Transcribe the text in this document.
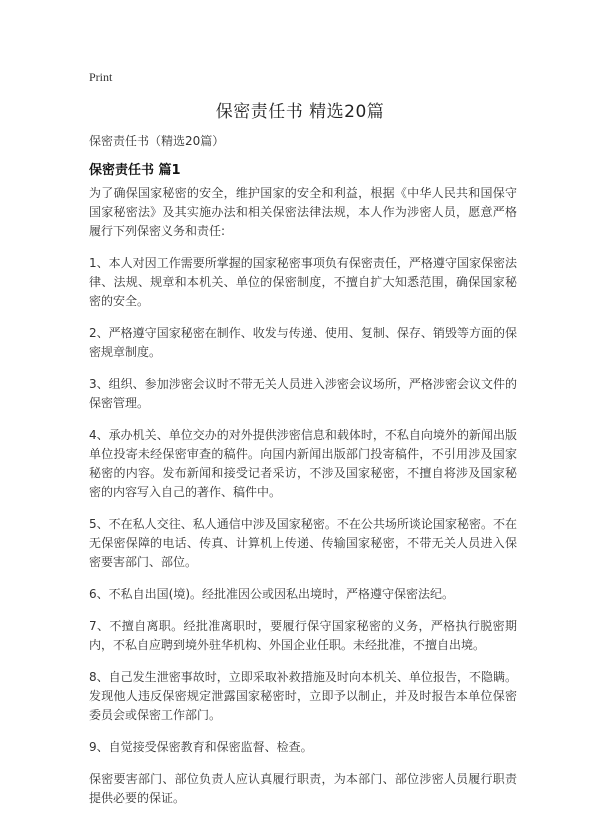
Print
保密责任书 精选20篇
保密责任书（精选20篇）
保密责任书 篇1

为了确保国家秘密的安全，维护国家的安全和利益，根据《中华人民共和国保守国家秘密法》及其实施办法和相关保密法律法规，本人作为涉密人员，愿意严格履行下列保密义务和责任:

1、本人对因工作需要所掌握的国家秘密事项负有保密责任，严格遵守国家保密法律、法规、规章和本机关、单位的保密制度，不擅自扩大知悉范围，确保国家秘密的安全。

2、严格遵守国家秘密在制作、收发与传递、使用、复制、保存、销毁等方面的保密规章制度。

3、组织、参加涉密会议时不带无关人员进入涉密会议场所，严格涉密会议文件的保密管理。

4、承办机关、单位交办的对外提供涉密信息和载体时，不私自向境外的新闻出版单位投寄未经保密审查的稿件。向国内新闻出版部门投寄稿件，不引用涉及国家秘密的内容。发布新闻和接受记者采访，不涉及国家秘密，不擅自将涉及国家秘密的内容写入自己的著作、稿件中。

5、不在私人交往、私人通信中涉及国家秘密。不在公共场所谈论国家秘密。不在无保密保障的电话、传真、计算机上传递、传输国家秘密，不带无关人员进入保密要害部门、部位。

6、不私自出国(境)。经批准因公或因私出境时，严格遵守保密法纪。

7、不擅自离职。经批准离职时，要履行保守国家秘密的义务，严格执行脱密期内，不私自应聘到境外驻华机构、外国企业任职。未经批准，不擅自出境。

8、自己发生泄密事故时，立即采取补救措施及时向本机关、单位报告，不隐瞒。发现他人违反保密规定泄露国家秘密时，立即予以制止，并及时报告本单位保密委员会或保密工作部门。

9、自觉接受保密教育和保密监督、检查。

保密要害部门、部位负责人应认真履行职责，为本部门、部位涉密人员履行职责提供必要的保证。
